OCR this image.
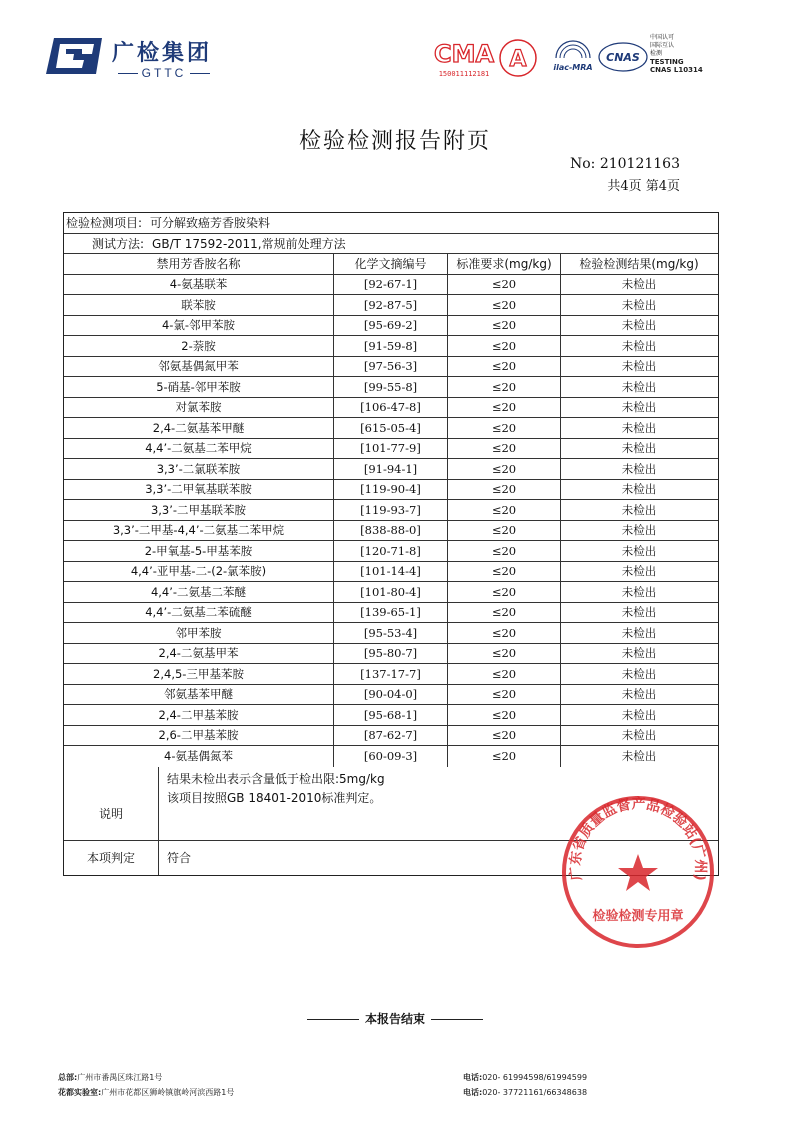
广检集团
GTTC
CMA
150011112181
A	ilac-MRA
CNAS
中国认可
国际互认
检测
TESTING
CNAS L10314
检验检测报告附页
No: 210121163
共4页 第4页
检验检测项目: 可分解致癌芳香胺染料
测试方法: GB/T 17592-2011,常规前处理方法
禁用芳香胺名称	化学文摘编号	标准要求(mg/kg)	检验检测结果(mg/kg)
4-氨基联苯	[92-67-1]	≤20	未检出
联苯胺	[92-87-5]	≤20	未检出
4-氯-邻甲苯胺	[95-69-2]	≤20	未检出
2-萘胺	[91-59-8]	≤20	未检出
邻氨基偶氮甲苯	[97-56-3]	≤20	未检出
5-硝基-邻甲苯胺	[99-55-8]	≤20	未检出
对氯苯胺	[106-47-8]	≤20	未检出
2,4-二氨基苯甲醚	[615-05-4]	≤20	未检出
4,4’-二氨基二苯甲烷	[101-77-9]	≤20	未检出
3,3’-二氯联苯胺	[91-94-1]	≤20	未检出
3,3’-二甲氧基联苯胺	[119-90-4]	≤20	未检出
3,3’-二甲基联苯胺	[119-93-7]	≤20	未检出
3,3’-二甲基-4,4’-二氨基二苯甲烷	[838-88-0]	≤20	未检出
2-甲氧基-5-甲基苯胺	[120-71-8]	≤20	未检出
4,4’-亚甲基-二-(2-氯苯胺)	[101-14-4]	≤20	未检出
4,4’-二氨基二苯醚	[101-80-4]	≤20	未检出
4,4’-二氨基二苯硫醚	[139-65-1]	≤20	未检出
邻甲苯胺	[95-53-4]	≤20	未检出
2,4-二氨基甲苯	[95-80-7]	≤20	未检出
2,4,5-三甲基苯胺	[137-17-7]	≤20	未检出
邻氨基苯甲醚	[90-04-0]	≤20	未检出
2,4-二甲基苯胺	[95-68-1]	≤20	未检出
2,6-二甲基苯胺	[87-62-7]	≤20	未检出
4-氨基偶氮苯	[60-09-3]	≤20	未检出
说明
结果未检出表示含量低于检出限:5mg/kg
该项目按照GB 18401-2010标准判定。
本项判定	符合
广东省质量监督产品检验站(广州)
检验检测专用章
本报告结束
总部:广州市番禺区珠江路1号
花都实验室:广州市花都区狮岭镇旗岭河滨西路1号
电话:020- 61994598/61994599
电话:020- 37721161/66348638
